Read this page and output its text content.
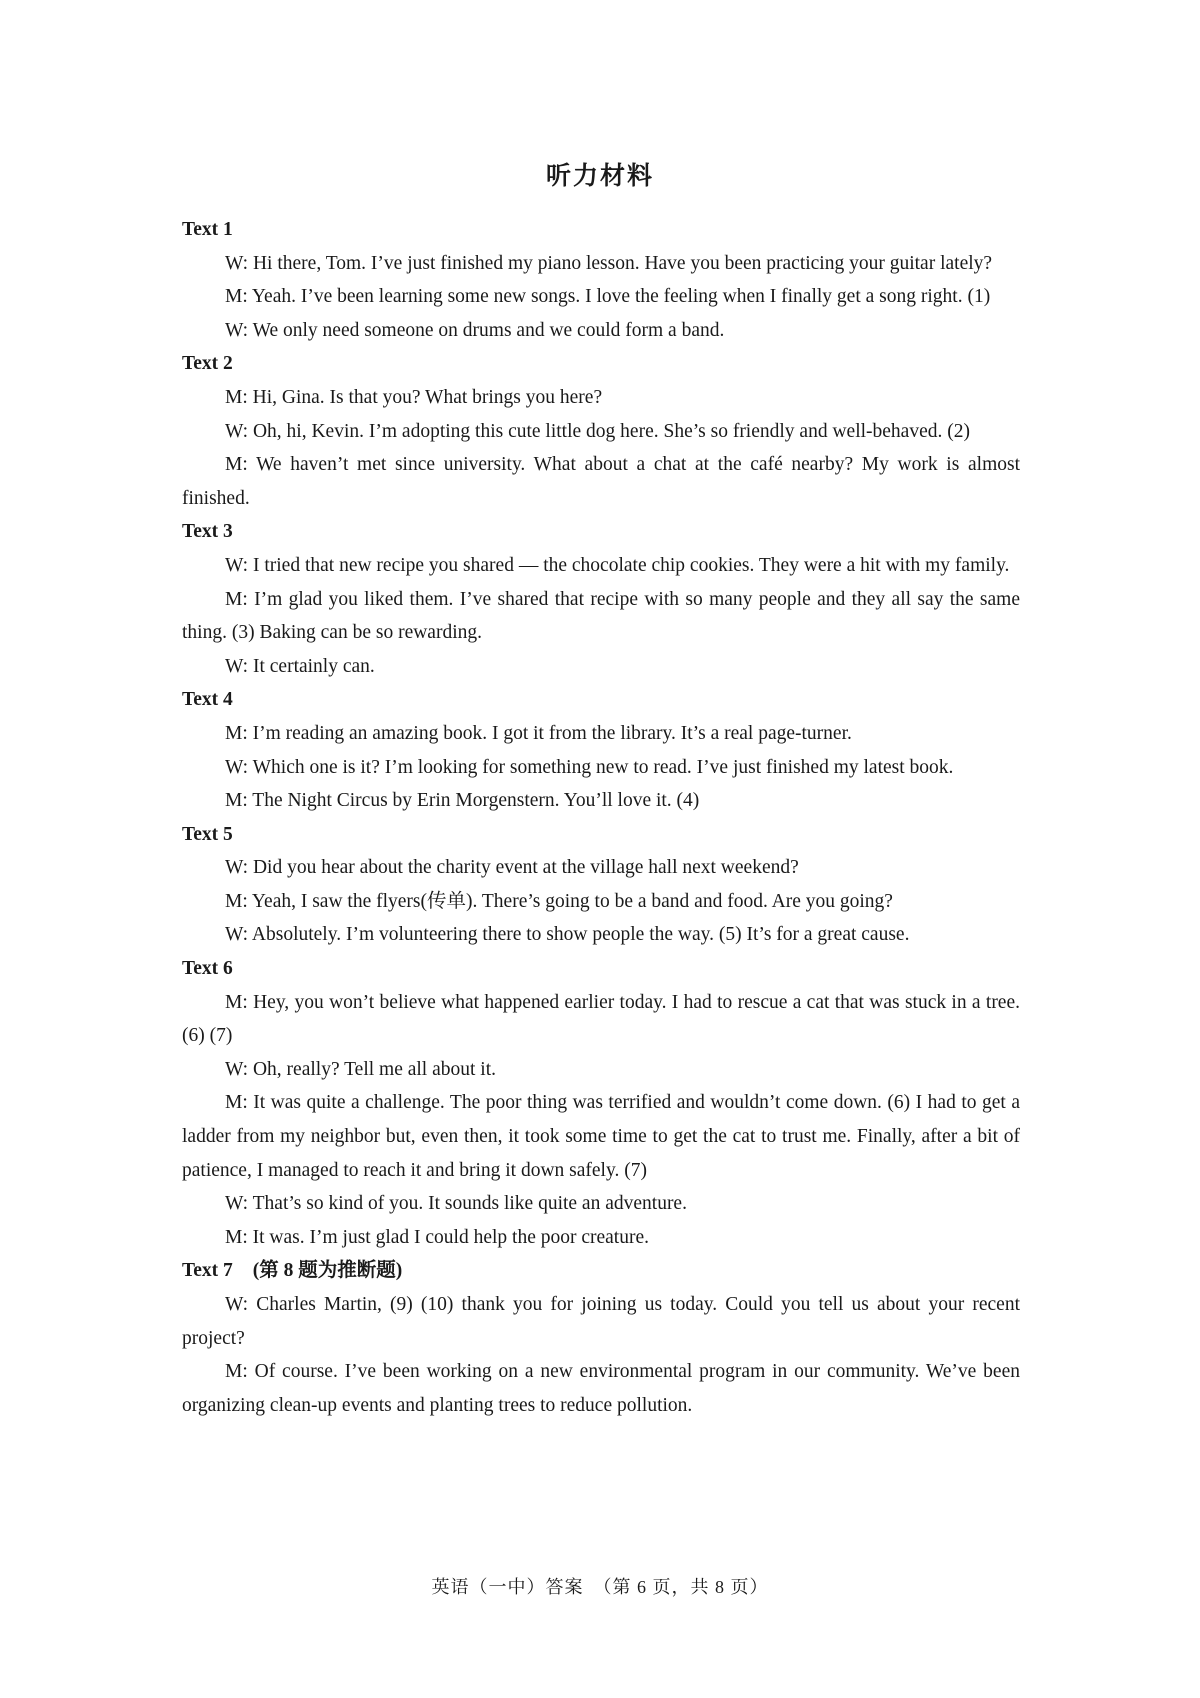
听力材料
Text 1
W: Hi there, Tom. I’ve just finished my piano lesson. Have you been practicing your guitar lately?
M: Yeah. I’ve been learning some new songs. I love the feeling when I finally get a song right. (1)
W: We only need someone on drums and we could form a band.
Text 2
M: Hi, Gina. Is that you? What brings you here?
W: Oh, hi, Kevin. I’m adopting this cute little dog here. She’s so friendly and well-behaved. (2)
M: We haven’t met since university. What about a chat at the café nearby? My work is almost finished.
Text 3
W: I tried that new recipe you shared — the chocolate chip cookies. They were a hit with my family.
M: I’m glad you liked them. I’ve shared that recipe with so many people and they all say the same thing. (3) Baking can be so rewarding.
W: It certainly can.
Text 4
M: I’m reading an amazing book. I got it from the library. It’s a real page-turner.
W: Which one is it? I’m looking for something new to read. I’ve just finished my latest book.
M: The Night Circus by Erin Morgenstern. You’ll love it. (4)
Text 5
W: Did you hear about the charity event at the village hall next weekend?
M: Yeah, I saw the flyers(传单). There’s going to be a band and food. Are you going?
W: Absolutely. I’m volunteering there to show people the way. (5) It’s for a great cause.
Text 6
M: Hey, you won’t believe what happened earlier today. I had to rescue a cat that was stuck in a tree. (6) (7)
W: Oh, really? Tell me all about it.
M: It was quite a challenge. The poor thing was terrified and wouldn’t come down. (6) I had to get a ladder from my neighbor but, even then, it took some time to get the cat to trust me. Finally, after a bit of patience, I managed to reach it and bring it down safely. (7)
W: That’s so kind of you. It sounds like quite an adventure.
M: It was. I’m just glad I could help the poor creature.
Text 7 (第 8 题为推断题)
W: Charles Martin, (9) (10) thank you for joining us today. Could you tell us about your recent project?
M: Of course. I’ve been working on a new environmental program in our community. We’ve been organizing clean-up events and planting trees to reduce pollution.
英语（一中）答案　（第 6 页，共 8 页）
